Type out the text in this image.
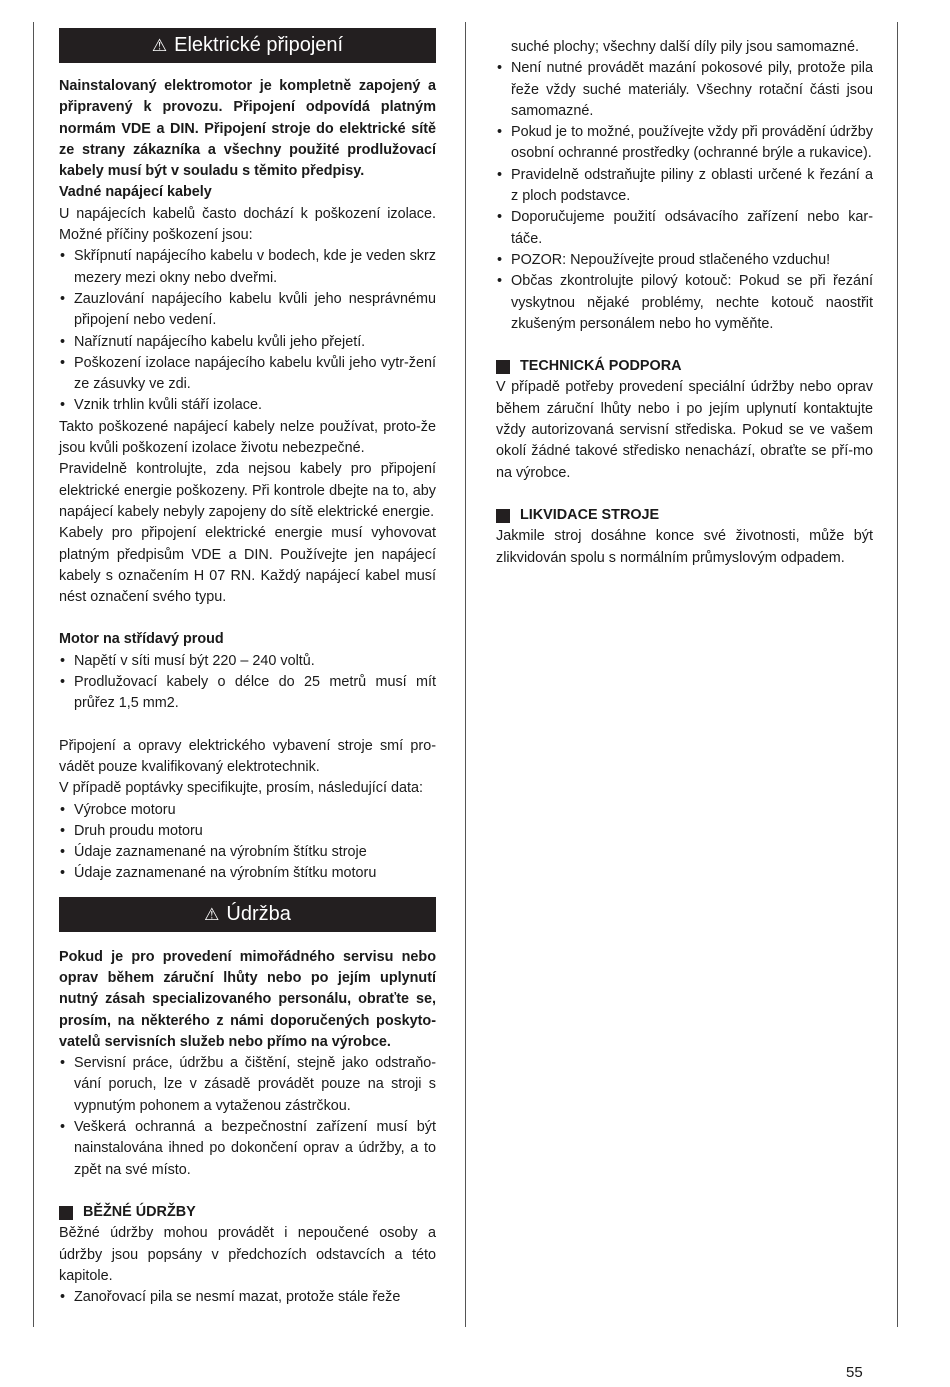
⚠ Elektrické připojení

Nainstalovaný elektromotor je kompletně zapojený a připravený k provozu. Připojení odpovídá platným normám VDE a DIN. Připojení stroje do elektrické sítě ze strany zákazníka a všechny použité prodlužovací kabely musí být v souladu s těmito předpisy.

Vadné napájecí kabely

U napájecích kabelů často dochází k poškození izolace. Možné příčiny poškození jsou:

• Skřípnutí napájecího kabelu v bodech, kde je veden skrz mezery mezi okny nebo dveřmi.
• Zauzlování napájecího kabelu kvůli jeho nesprávnému připojení nebo vedení.
• Naříznutí napájecího kabelu kvůli jeho přejetí.
• Poškození izolace napájecího kabelu kvůli jeho vytr-žení ze zásuvky ve zdi.
• Vznik trhlin kvůli stáří izolace.

Takto poškozené napájecí kabely nelze používat, proto-že jsou kvůli poškození izolace životu nebezpečné.

Pravidelně kontrolujte, zda nejsou kabely pro připojení elektrické energie poškozeny. Při kontrole dbejte na to, aby napájecí kabely nebyly zapojeny do sítě elektrické energie.

Kabely pro připojení elektrické energie musí vyhovovat platným předpisům VDE a DIN. Používejte jen napájecí kabely s označením H 07 RN. Každý napájecí kabel musí nést označení svého typu.

Motor na střídavý proud

• Napětí v síti musí být 220 – 240 voltů.
• Prodlužovací kabely o délce do 25 metrů musí mít průřez 1,5 mm2.

Připojení a opravy elektrického vybavení stroje smí pro-vádět pouze kvalifikovaný elektrotechnik.

V případě poptávky specifikujte, prosím, následující data:

• Výrobce motoru
• Druh proudu motoru
• Údaje zaznamenané na výrobním štítku stroje
• Údaje zaznamenané na výrobním štítku motoru
⚠ Údržba

Pokud je pro provedení mimořádného servisu nebo oprav během záruční lhůty nebo po jejím uplynutí nutný zásah specializovaného personálu, obraťte se, prosím, na některého z námi doporučených poskyto-vatelů servisních služeb nebo přímo na výrobce.

• Servisní práce, údržbu a čištění, stejně jako odstraňo-vání poruch, lze v zásadě provádět pouze na stroji s vypnutým pohonem a vytaženou zástrčkou.
• Veškerá ochranná a bezpečnostní zařízení musí být nainstalována ihned po dokončení oprav a údržby, a to zpět na své místo.
BĚŽNÉ ÚDRŽBY

Běžné údržby mohou provádět i nepoučené osoby a údržby jsou popsány v předchozích odstavcích a této kapitole.

• Zanořovací pila se nesmí mazat, protože stále řeže

suché plochy; všechny další díly pily jsou samomazné.

• Není nutné provádět mazání pokosové pily, protože pila řeže vždy suché materiály. Všechny rotační části jsou samomazné.
• Pokud je to možné, používejte vždy při provádění údržby osobní ochranné prostředky (ochranné brýle a rukavice).
• Pravidelně odstraňujte piliny z oblasti určené k řezání a z ploch podstavce.
• Doporučujeme použití odsávacího zařízení nebo kar-táče.
• POZOR: Nepoužívejte proud stlačeného vzduchu!
• Občas zkontrolujte pilový kotouč: Pokud se při řezání vyskytnou nějaké problémy, nechte kotouč naostřit zkušeným personálem nebo ho vyměňte.
TECHNICKÁ PODPORA

V případě potřeby provedení speciální údržby nebo oprav během záruční lhůty nebo i po jejím uplynutí kontaktujte vždy autorizovaná servisní střediska. Pokud se ve vašem okolí žádné takové středisko nenachází, obraťte se pří-mo na výrobce.

LIKVIDACE STROJE

Jakmile stroj dosáhne konce své životnosti, může být zlikvidován spolu s normálním průmyslovým odpadem.

55
